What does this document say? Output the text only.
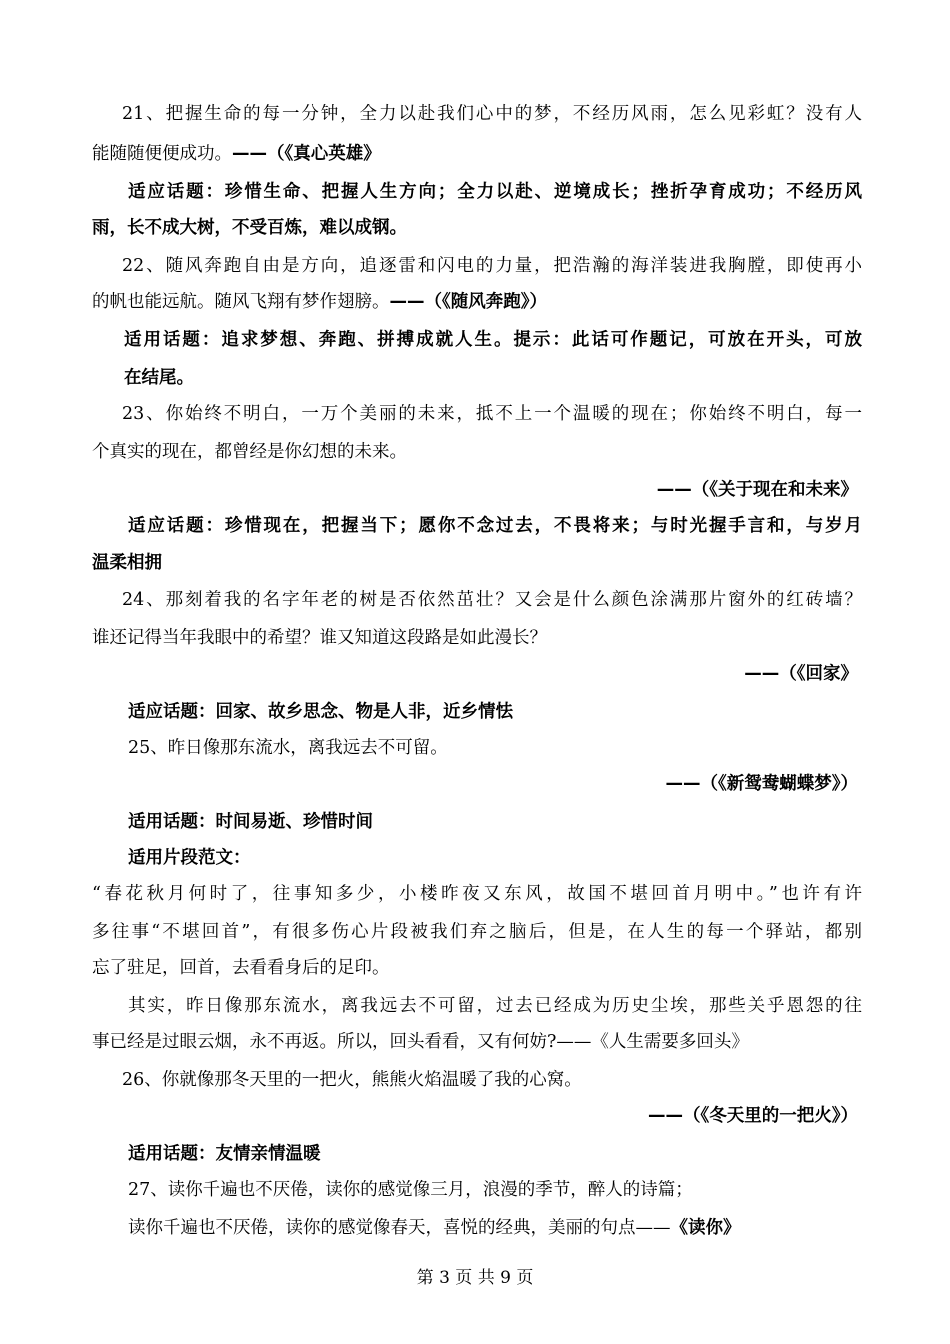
21、把握生命的每一分钟，全力以赴我们心中的梦，不经历风雨，怎么见彩虹？没有人
能随随便便成功。——（《真心英雄》
适应话题：珍惜生命、把握人生方向；全力以赴、逆境成长；挫折孕育成功；不经历风
雨，长不成大树，不受百炼，难以成钢。
22、随风奔跑自由是方向，追逐雷和闪电的力量，把浩瀚的海洋装进我胸膛，即使再小
的帆也能远航。随风飞翔有梦作翅膀。——（《随风奔跑》）
适用话题：追求梦想、奔跑、拼搏成就人生。提示：此话可作题记，可放在开头，可放
在结尾。
23、你始终不明白，一万个美丽的未来，抵不上一个温暖的现在；你始终不明白，每一
个真实的现在，都曾经是你幻想的未来。
——（《关于现在和未来》
适应话题：珍惜现在，把握当下；愿你不念过去，不畏将来；与时光握手言和，与岁月
温柔相拥
24、那刻着我的名字年老的树是否依然茁壮？又会是什么颜色涂满那片窗外的红砖墙？
谁还记得当年我眼中的希望？谁又知道这段路是如此漫长？
——（《回家》
适应话题：回家、故乡思念、物是人非，近乡情怯
25、昨日像那东流水，离我远去不可留。
——（《新鸳鸯蝴蝶梦》）
适用话题：时间易逝、珍惜时间
适用片段范文：
“春花秋月何时了，往事知多少，小楼昨夜又东风，故国不堪回首月明中。”也许有许
多往事“不堪回首”，有很多伤心片段被我们弃之脑后，但是，在人生的每一个驿站，都别
忘了驻足，回首，去看看身后的足印。
其实，昨日像那东流水，离我远去不可留，过去已经成为历史尘埃，那些关乎恩怨的往
事已经是过眼云烟，永不再返。所以，回头看看，又有何妨?——《人生需要多回头》
26、你就像那冬天里的一把火，熊熊火焰温暖了我的心窝。
——（《冬天里的一把火》）
适用话题：友情亲情温暖
27、读你千遍也不厌倦，读你的感觉像三月，浪漫的季节，醉人的诗篇；
读你千遍也不厌倦，读你的感觉像春天，喜悦的经典，美丽的句点——《读你》
第 3 页 共 9 页
